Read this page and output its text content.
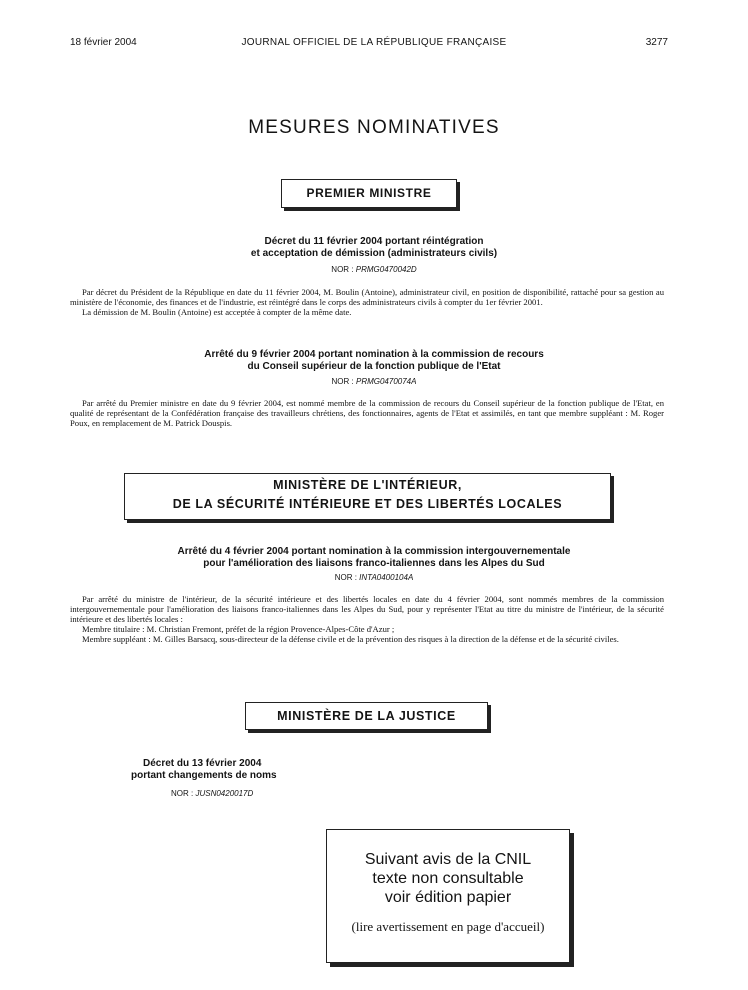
18 février 2004	JOURNAL OFFICIEL DE LA RÉPUBLIQUE FRANÇAISE	3277
MESURES NOMINATIVES
PREMIER MINISTRE
Décret du 11 février 2004 portant réintégration
et acceptation de démission (administrateurs civils)
NOR : PRMG0470042D

Par décret du Président de la République en date du 11 février 2004, M. Boulin (Antoine), administrateur civil, en position de disponibilité, rattaché pour sa gestion au ministère de l'économie, des finances et de l'industrie, est réintégré dans le corps des administrateurs civils à compter du 1er février 2001.

La démission de M. Boulin (Antoine) est acceptée à compter de la même date.

Arrêté du 9 février 2004 portant nomination à la commission de recours
du Conseil supérieur de la fonction publique de l'Etat
NOR : PRMG0470074A

Par arrêté du Premier ministre en date du 9 février 2004, est nommé membre de la commission de recours du Conseil supérieur de la fonction publique de l'Etat, en qualité de représentant de la Confédération française des travailleurs chrétiens, des fonctionnaires, agents de l'Etat et assimilés, en tant que membre suppléant : M. Roger Poux, en remplacement de M. Patrick Douspis.

MINISTÈRE DE L'INTÉRIEUR,
DE LA SÉCURITÉ INTÉRIEURE ET DES LIBERTÉS LOCALES
Arrêté du 4 février 2004 portant nomination à la commission intergouvernementale
pour l'amélioration des liaisons franco-italiennes dans les Alpes du Sud
NOR : INTA0400104A

Par arrêté du ministre de l'intérieur, de la sécurité intérieure et des libertés locales en date du 4 février 2004, sont nommés membres de la commission intergouvernementale pour l'amélioration des liaisons franco-italiennes dans les Alpes du Sud, pour y représenter l'Etat au titre du ministre de l'intérieur, de la sécurité intérieure et des libertés locales :

Membre titulaire : M. Christian Fremont, préfet de la région Provence-Alpes-Côte d'Azur ;

Membre suppléant : M. Gilles Barsacq, sous-directeur de la défense civile et de la prévention des risques à la direction de la défense et de la sécurité civiles.

MINISTÈRE DE LA JUSTICE
Décret du 13 février 2004
portant changements de noms
NOR : JUSN0420017D
Suivant avis de la CNIL
texte non consultable
voir édition papier
(lire avertissement en page d'accueil)
